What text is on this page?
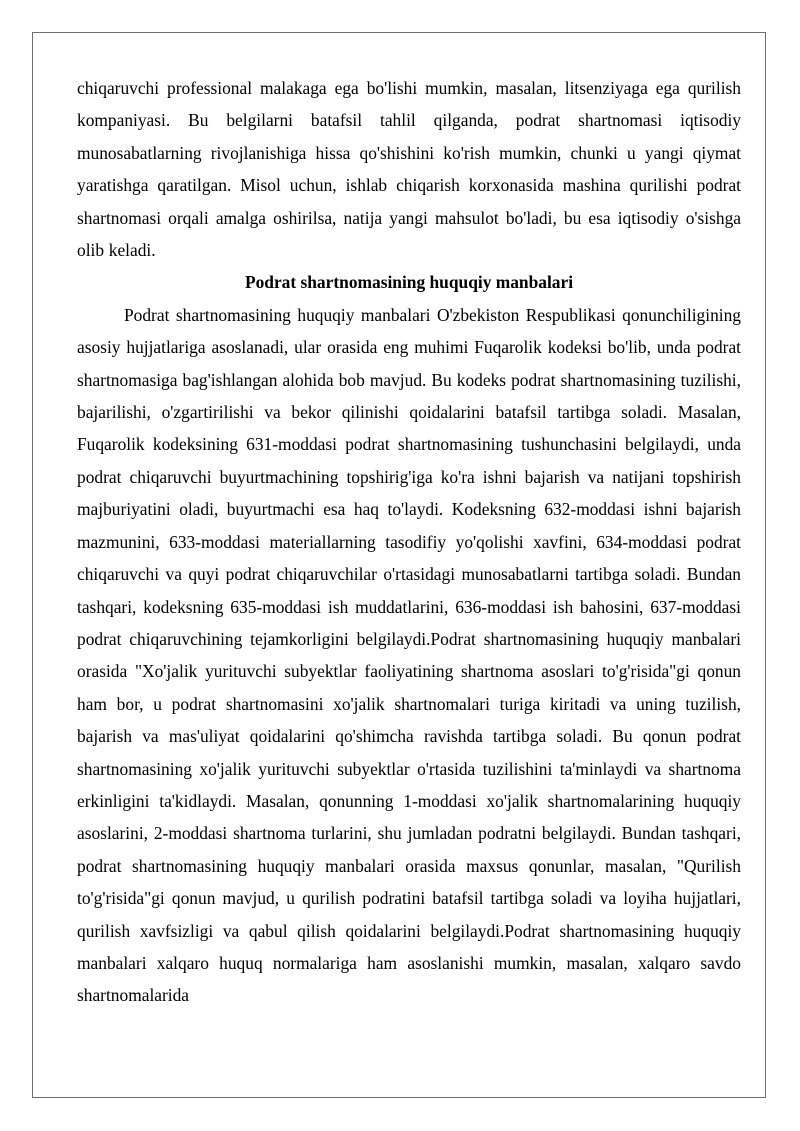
chiqaruvchi professional malakaga ega bo'lishi mumkin, masalan, litsenziyaga ega qurilish kompaniyasi. Bu belgilarni batafsil tahlil qilganda, podrat shartnomasi iqtisodiy munosabatlarning rivojlanishiga hissa qo'shishini ko'rish mumkin, chunki u yangi qiymat yaratishga qaratilgan. Misol uchun, ishlab chiqarish korxonasida mashina qurilishi podrat shartnomasi orqali amalga oshirilsa, natija yangi mahsulot bo'ladi, bu esa iqtisodiy o'sishga olib keladi.

Podrat shartnomasining huquqiy manbalari

Podrat shartnomasining huquqiy manbalari O'zbekiston Respublikasi qonunchiligining asosiy hujjatlariga asoslanadi, ular orasida eng muhimi Fuqarolik kodeksi bo'lib, unda podrat shartnomasiga bag'ishlangan alohida bob mavjud. Bu kodeks podrat shartnomasining tuzilishi, bajarilishi, o'zgartirilishi va bekor qilinishi qoidalarini batafsil tartibga soladi. Masalan, Fuqarolik kodeksining 631-moddasi podrat shartnomasining tushunchasini belgilaydi, unda podrat chiqaruvchi buyurtmachining topshirig'iga ko'ra ishni bajarish va natijani topshirish majburiyatini oladi, buyurtmachi esa haq to'laydi. Kodeksning 632-moddasi ishni bajarish mazmunini, 633-moddasi materiallarning tasodifiy yo'qolishi xavfini, 634-moddasi podrat chiqaruvchi va quyi podrat chiqaruvchilar o'rtasidagi munosabatlarni tartibga soladi. Bundan tashqari, kodeksning 635-moddasi ish muddatlarini, 636-moddasi ish bahosini, 637-moddasi podrat chiqaruvchining tejamkorligini belgilaydi.Podrat shartnomasining huquqiy manbalari orasida "Xo'jalik yurituvchi subyektlar faoliyatining shartnoma asoslari to'g'risida"gi qonun ham bor, u podrat shartnomasini xo'jalik shartnomalari turiga kiritadi va uning tuzilish, bajarish va mas'uliyat qoidalarini qo'shimcha ravishda tartibga soladi. Bu qonun podrat shartnomasining xo'jalik yurituvchi subyektlar o'rtasida tuzilishini ta'minlaydi va shartnoma erkinligini ta'kidlaydi. Masalan, qonunning 1-moddasi xo'jalik shartnomalarining huquqiy asoslarini, 2-moddasi shartnoma turlarini, shu jumladan podratni belgilaydi. Bundan tashqari, podrat shartnomasining huquqiy manbalari orasida maxsus qonunlar, masalan, "Qurilish to'g'risida"gi qonun mavjud, u qurilish podratini batafsil tartibga soladi va loyiha hujjatlari, qurilish xavfsizligi va qabul qilish qoidalarini belgilaydi.Podrat shartnomasining huquqiy manbalari xalqaro huquq normalariga ham asoslanishi mumkin, masalan, xalqaro savdo shartnomalarida
